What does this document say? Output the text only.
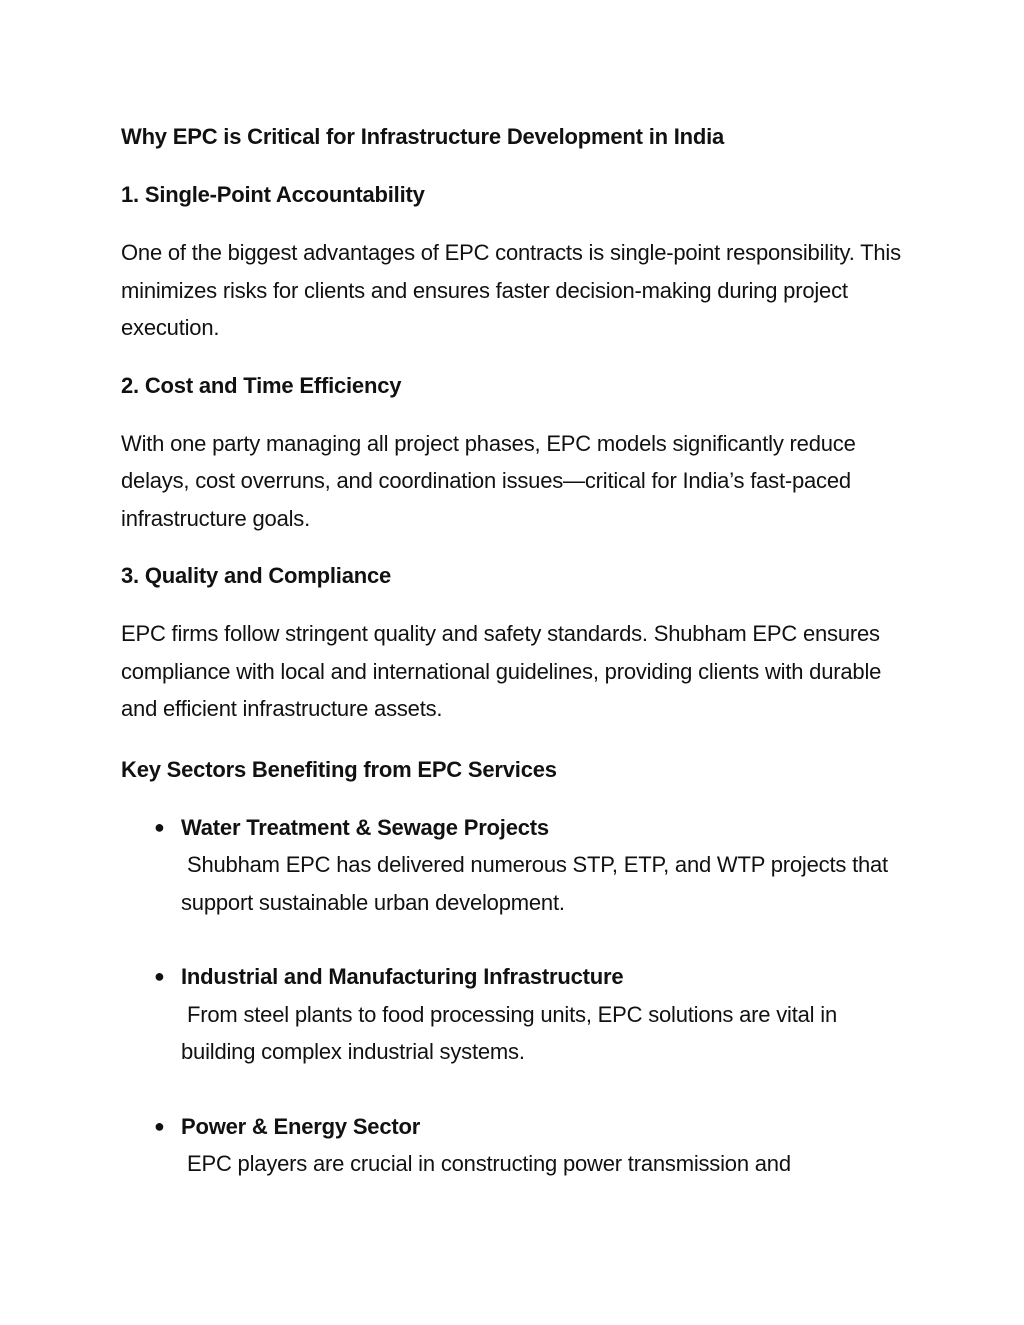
Why EPC is Critical for Infrastructure Development in India
1. Single-Point Accountability
One of the biggest advantages of EPC contracts is single-point responsibility. This minimizes risks for clients and ensures faster decision-making during project execution.
2. Cost and Time Efficiency
With one party managing all project phases, EPC models significantly reduce delays, cost overruns, and coordination issues—critical for India’s fast-paced infrastructure goals.
3. Quality and Compliance
EPC firms follow stringent quality and safety standards. Shubham EPC ensures compliance with local and international guidelines, providing clients with durable and efficient infrastructure assets.
Key Sectors Benefiting from EPC Services
● Water Treatment & Sewage Projects
Shubham EPC has delivered numerous STP, ETP, and WTP projects that support sustainable urban development.
● Industrial and Manufacturing Infrastructure
From steel plants to food processing units, EPC solutions are vital in building complex industrial systems.
● Power & Energy Sector
EPC players are crucial in constructing power transmission and
